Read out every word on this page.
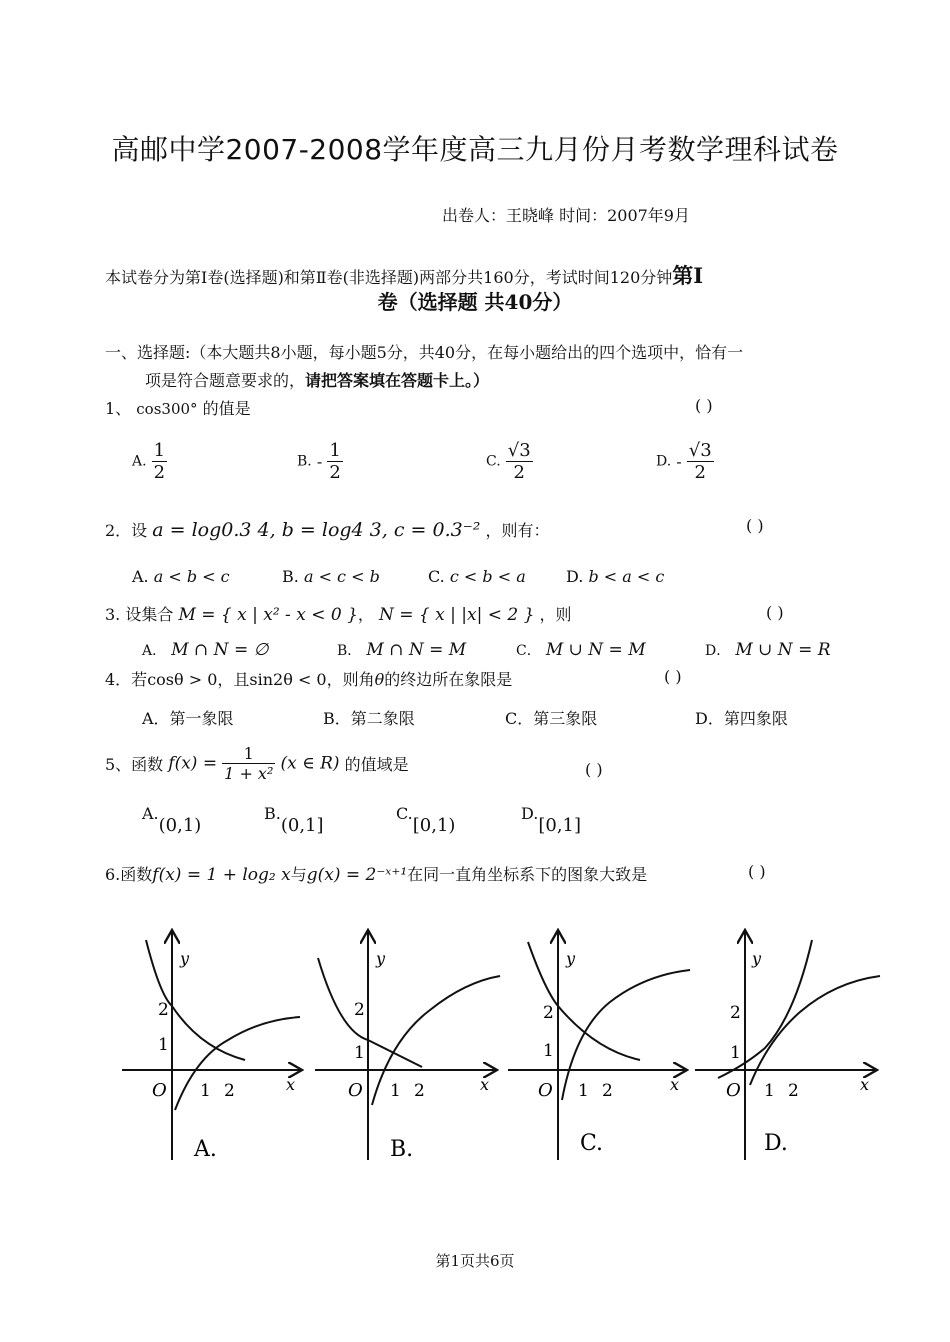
高邮中学2007-2008学年度高三九月份月考数学理科试卷
出卷人：王晓峰 时间：2007年9月
本试卷分为第Ⅰ卷(选择题)和第Ⅱ卷(非选择题)两部分共160分，考试时间120分钟第Ⅰ
卷（选择题 共40分）
一、选择题:（本大题共8小题，每小题5分，共40分，在每小题给出的四个选项中，恰有一
项是符合题意要求的，请把答案填在答题卡上。）
1、 cos300° 的值是	( )
A. $\frac{1}{2}$	B. - $\frac{1}{2}$	C. $\frac{√3}{2}$	D. - $\frac{√3}{2}$
2．设 a = log0.3 4, b = log4 3, c = 0.3⁻² ，则有：	( )
A. a < b < c	B. a < c < b	C. c < b < a	D. b < a < c
3. 设集合 M = { x | x² - x < 0 }， N = { x | |x| < 2 } ，则	( )
A． M ∩ N = ∅	B． M ∩ N = M	C． M ∪ N = M	D． M ∪ N = R
4．若cosθ > 0，且sin2θ < 0，则角θ的终边所在象限是	( )
A．第一象限	B．第二象限	C．第三象限	D．第四象限
5、函数 $f(x) = \frac{1}{\text{1 + x²}} (x$ ∈ R) 的值域是	( )
A.(0,1)
B.(0,1]
C.[0,1)
D.[0,1]
6.函数f(x) = 1 + log₂ x与g(x) = 2⁻ˣ⁺¹在同一直角坐标系下的图象大致是	( )
y
x
O
1
2
1 2
A.
y
x
O
1
2
1 2
B.
y
x
O
1
2
1 2
C.
y
x
O
1
2
1 2
D.
第1页共6页
